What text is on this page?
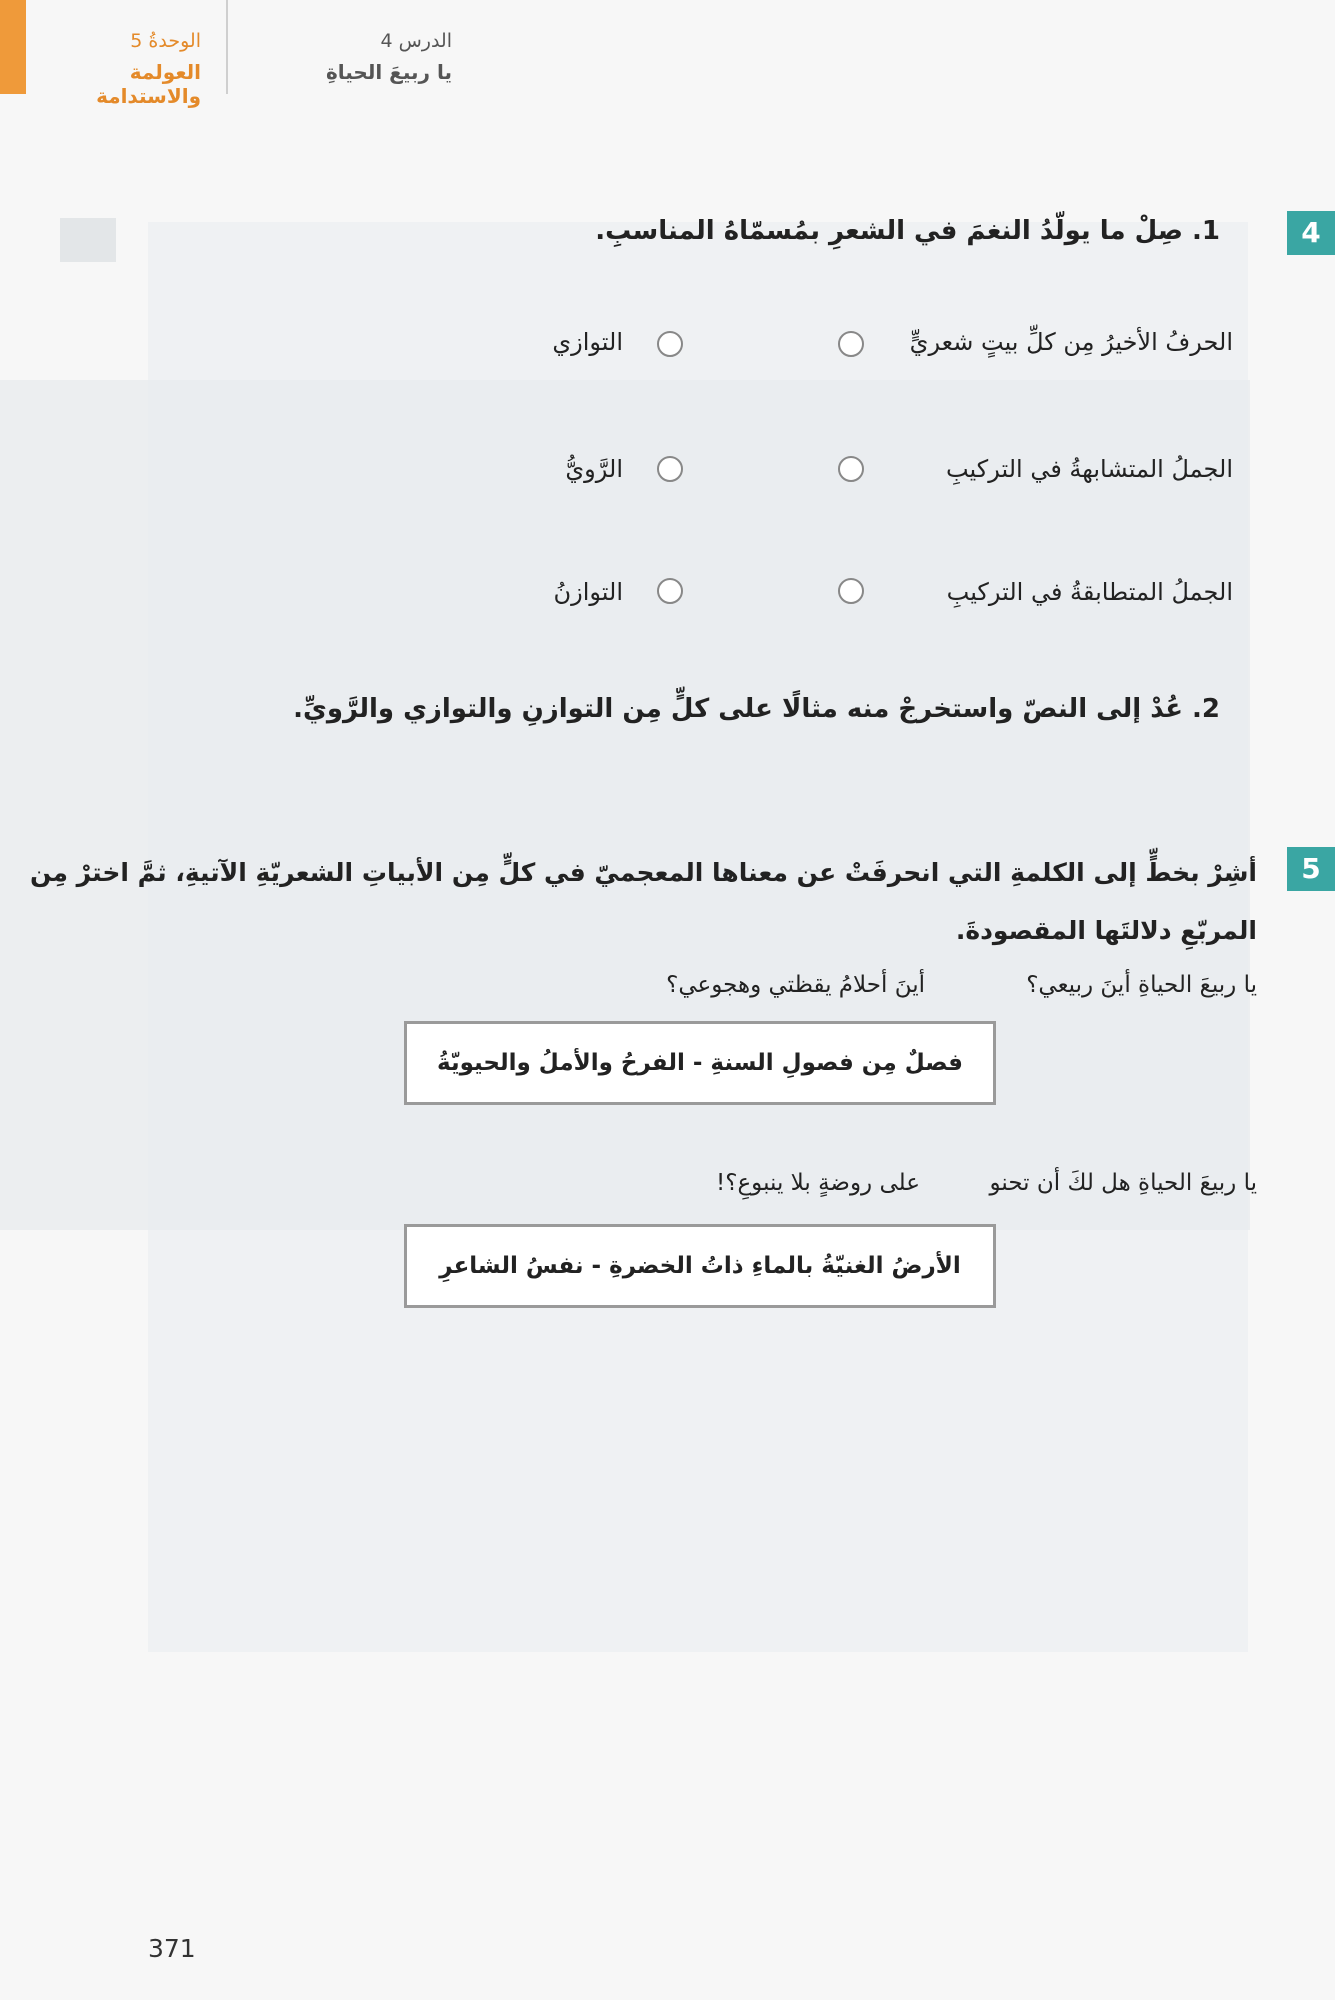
الوحدةُ 5
العولمة والاستدامة
الدرس 4
يا ربيعَ الحياةِ
4
1. صِلْ ما يولّدُ النغمَ في الشعرِ بمُسمّاهُ المناسبِ.
الحرفُ الأخيرُ مِن كلِّ بيتٍ شعريٍّ
التوازي
الجملُ المتشابهةُ في التركيبِ
الرَّويُّ
الجملُ المتطابقةُ في التركيبِ
التوازنُ
2. عُدْ إلى النصّ واستخرجْ منه مثالًا على كلٍّ مِن التوازنِ والتوازي والرَّويِّ.
5
أشِرْ بخطٍّ إلى الكلمةِ التي انحرفَتْ عن معناها المعجميّ في كلٍّ مِن الأبياتِ الشعريّةِ الآتيةِ، ثمَّ اخترْ مِن
المربّعِ دلالتَها المقصودةَ.
يا ربيعَ الحياةِ أينَ ربيعي؟
أينَ أحلامُ يقظتي وهجوعي؟
فصلٌ مِن فصولِ السنةِ - الفرحُ والأملُ والحيويّةُ
يا ربيعَ الحياةِ هل لكَ أن تحنو
على روضةٍ بلا ينبوعِ؟!
الأرضُ الغنيّةُ بالماءِ ذاتُ الخضرةِ - نفسُ الشاعرِ
371
